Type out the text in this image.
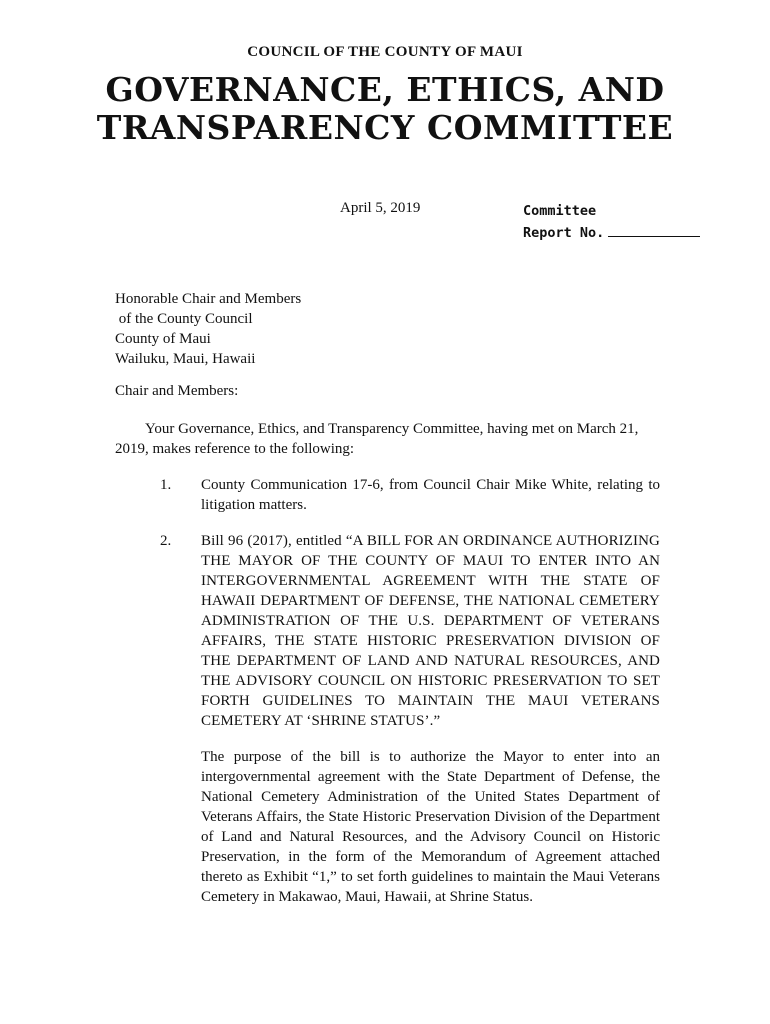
COUNCIL OF THE COUNTY OF MAUI
GOVERNANCE, ETHICS, AND
TRANSPARENCY COMMITTEE
April 5, 2019	Committee
Report No.
Honorable Chair and Members
of the County Council
County of Maui
Wailuku, Maui, Hawaii
Chair and Members:
Your Governance, Ethics, and Transparency Committee, having met on March 21, 2019, makes reference to the following:
1. County Communication 17-6, from Council Chair Mike White, relating to litigation matters.
2. Bill 96 (2017), entitled “A BILL FOR AN ORDINANCE AUTHORIZING THE MAYOR OF THE COUNTY OF MAUI TO ENTER INTO AN INTERGOVERNMENTAL AGREEMENT WITH THE STATE OF HAWAII DEPARTMENT OF DEFENSE, THE NATIONAL CEMETERY ADMINISTRATION OF THE U.S. DEPARTMENT OF VETERANS AFFAIRS, THE STATE HISTORIC PRESERVATION DIVISION OF THE DEPARTMENT OF LAND AND NATURAL RESOURCES, AND THE ADVISORY COUNCIL ON HISTORIC PRESERVATION TO SET FORTH GUIDELINES TO MAINTAIN THE MAUI VETERANS CEMETERY AT ‘SHRINE STATUS’.”
The purpose of the bill is to authorize the Mayor to enter into an intergovernmental agreement with the State Department of Defense, the National Cemetery Administration of the United States Department of Veterans Affairs, the State Historic Preservation Division of the Department of Land and Natural Resources, and the Advisory Council on Historic Preservation, in the form of the Memorandum of Agreement attached thereto as Exhibit “1,” to set forth guidelines to maintain the Maui Veterans Cemetery in Makawao, Maui, Hawaii, at Shrine Status.
